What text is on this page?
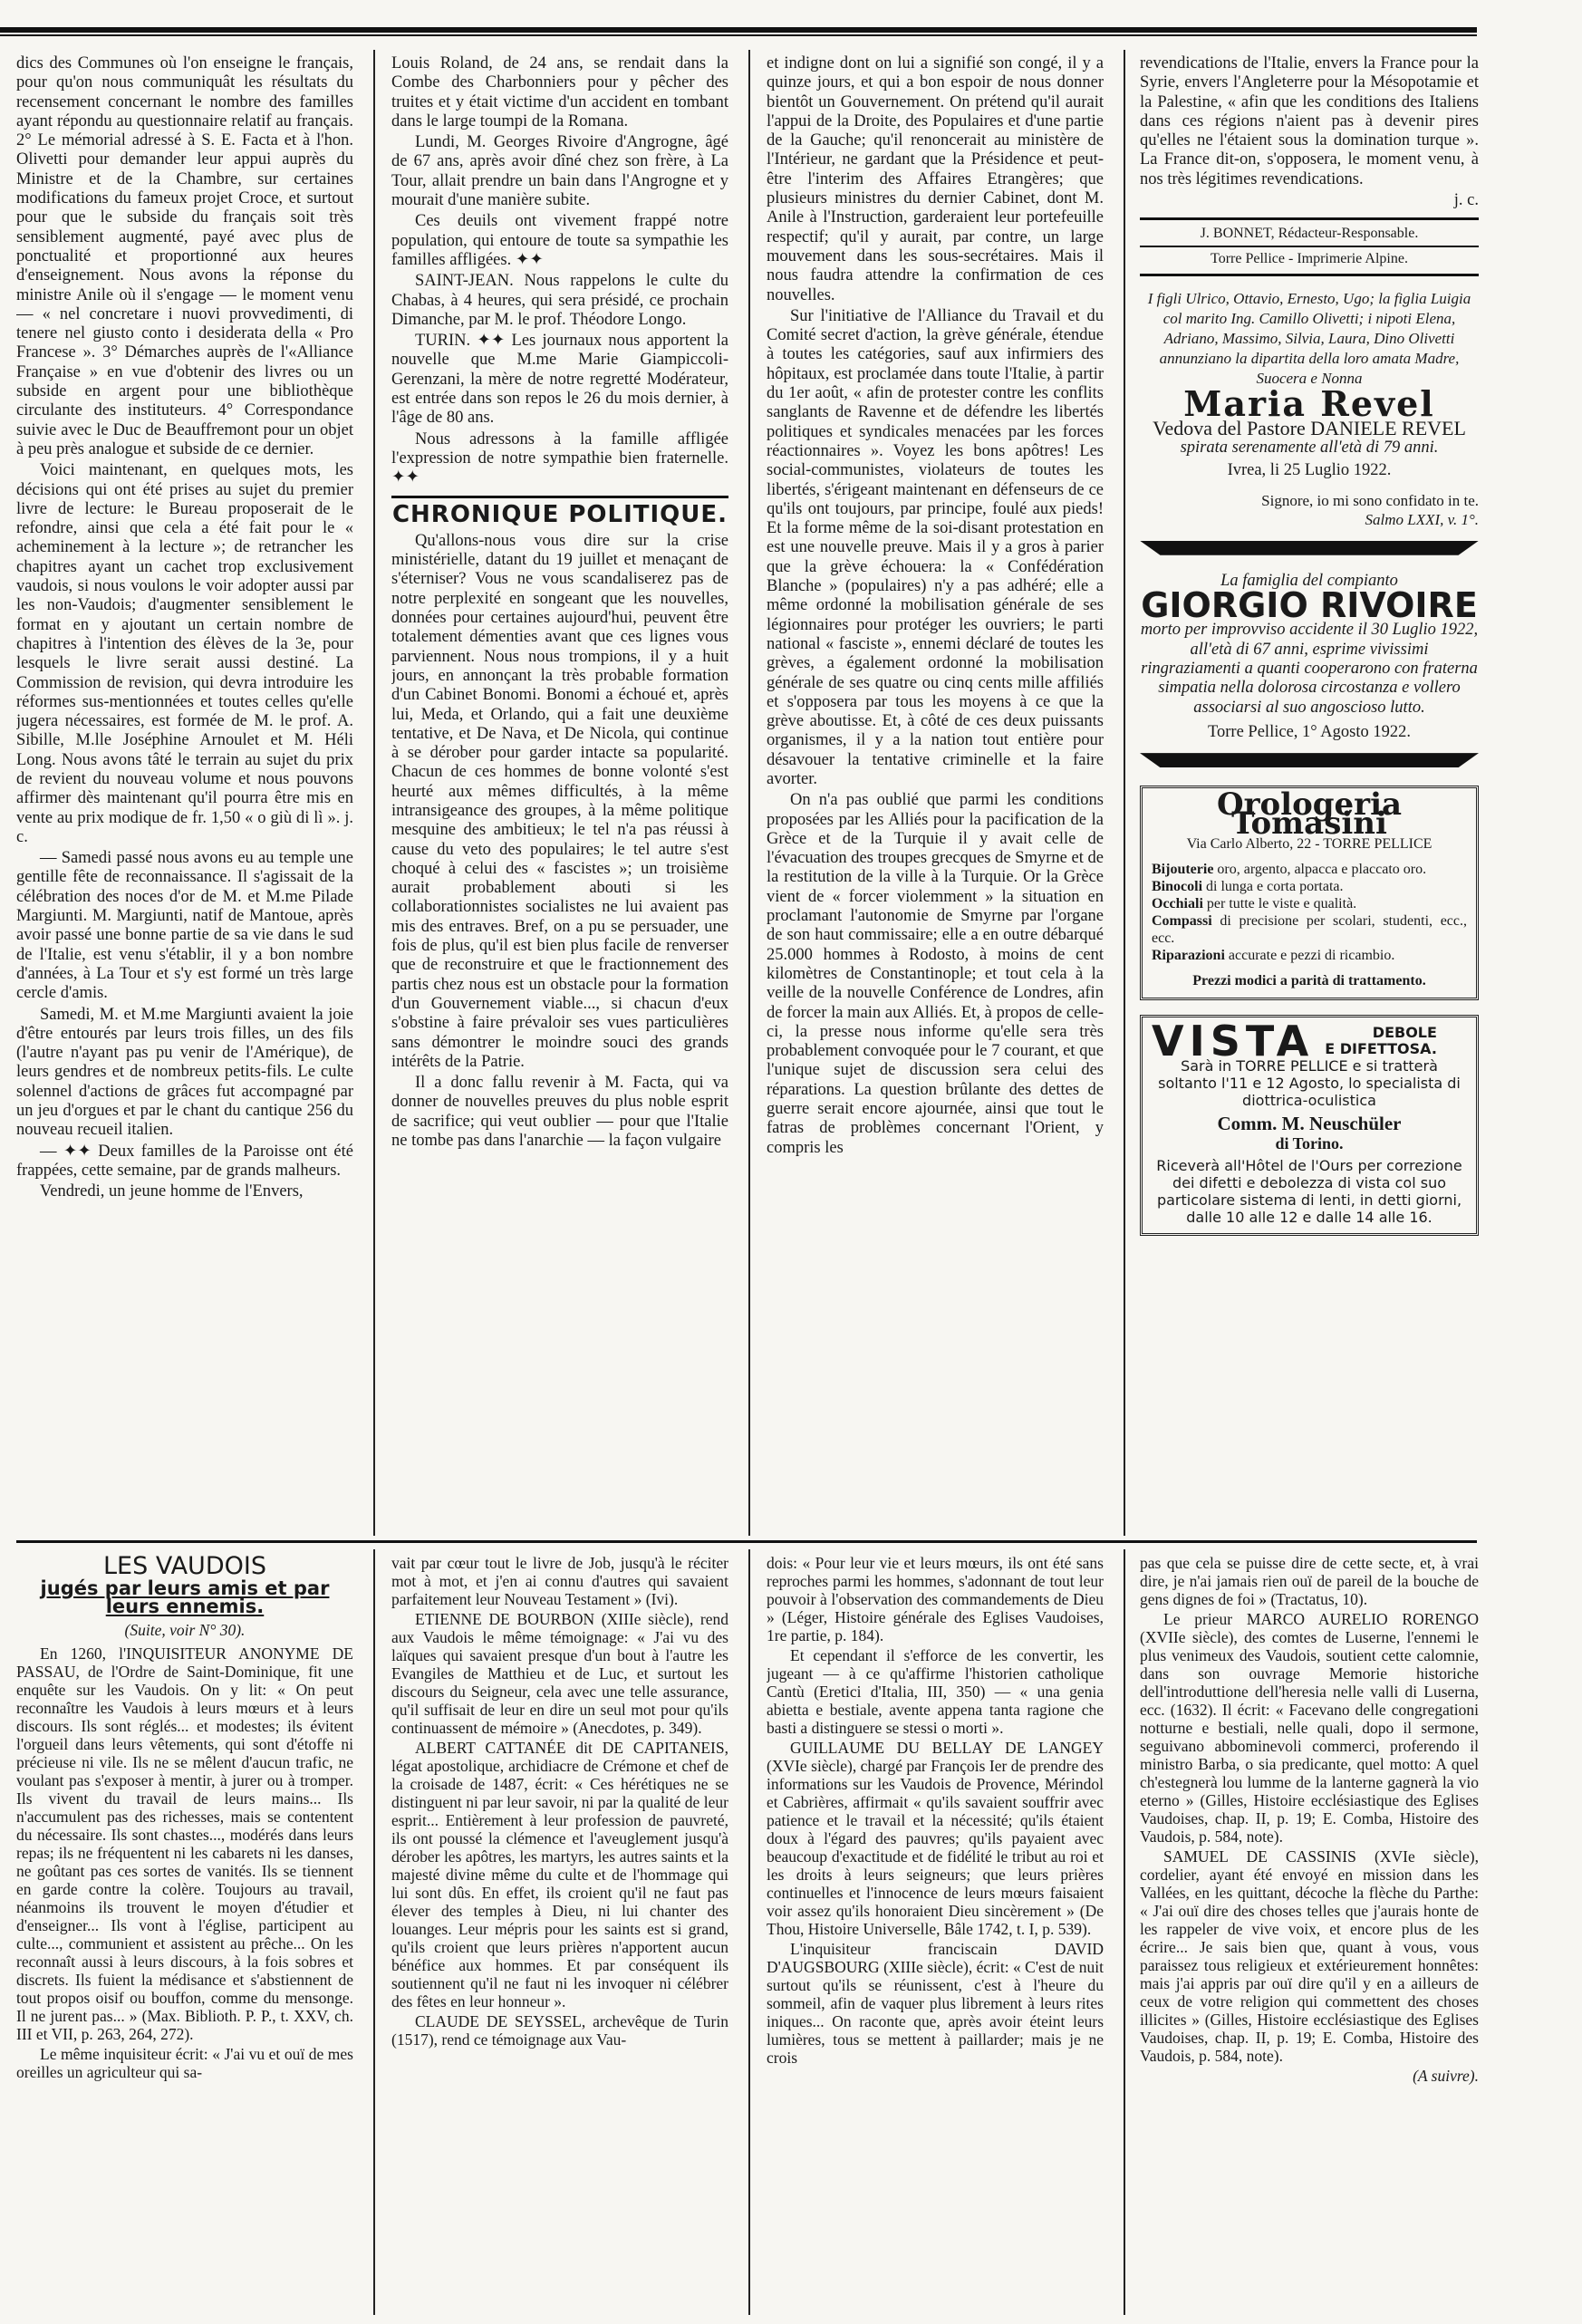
dics des Communes où l'on enseigne le français, pour qu'on nous communiquât les résultats du recensement concernant le nombre des familles ayant répondu au questionnaire relatif au français. 2° Le mémorial adressé à S. E. Facta et à l'hon. Olivetti pour demander leur appui auprès du Ministre et de la Chambre, sur certaines modifications du fameux projet Croce, et surtout pour que le subside du français soit très sensiblement augmenté, payé avec plus de ponctualité et proportionné aux heures d'enseignement. Nous avons la réponse du ministre Anile où il s'engage — le moment venu — « nel concretare i nuovi provvedimenti, di tenere nel giusto conto i desiderata della « Pro Francese ». 3° Démarches auprès de l'«Alliance Française » en vue d'obtenir des livres ou un subside en argent pour une bibliothèque circulante des instituteurs. 4° Correspondance suivie avec le Duc de Beauffremont pour un objet à peu près analogue et subside de ce dernier.

Voici maintenant, en quelques mots, les décisions qui ont été prises au sujet du premier livre de lecture: le Bureau proposerait de le refondre, ainsi que cela a été fait pour le « acheminement à la lecture »; de retrancher les chapitres ayant un cachet trop exclusivement vaudois, si nous voulons le voir adopter aussi par les non-Vaudois; d'augmenter sensiblement le format en y ajoutant un certain nombre de chapitres à l'intention des élèves de la 3e, pour lesquels le livre serait aussi destiné. La Commission de revision, qui devra introduire les réformes sus-mentionnées et toutes celles qu'elle jugera nécessaires, est formée de M. le prof. A. Sibille, M.lle Joséphine Arnoulet et M. Héli Long. Nous avons tâté le terrain au sujet du prix de revient du nouveau volume et nous pouvons affirmer dès maintenant qu'il pourra être mis en vente au prix modique de fr. 1,50 « o giù di lì ». j. c.

— Samedi passé nous avons eu au temple une gentille fête de reconnaissance. Il s'agissait de la célébration des noces d'or de M. et M.me Pilade Margiunti. M. Margiunti, natif de Mantoue, après avoir passé une bonne partie de sa vie dans le sud de l'Italie, est venu s'établir, il y a bon nombre d'années, à La Tour et s'y est formé un très large cercle d'amis.

Samedi, M. et M.me Margiunti avaient la joie d'être entourés par leurs trois filles, un des fils (l'autre n'ayant pas pu venir de l'Amérique), de leurs gendres et de nombreux petits-fils. Le culte solennel d'actions de grâces fut accompagné par un jeu d'orgues et par le chant du cantique 256 du nouveau recueil italien.

— ✦✦ Deux familles de la Paroisse ont été frappées, cette semaine, par de grands malheurs.

Vendredi, un jeune homme de l'Envers,

Louis Roland, de 24 ans, se rendait dans la Combe des Charbonniers pour y pêcher des truites et y était victime d'un accident en tombant dans le large toumpi de la Romana.

Lundi, M. Georges Rivoire d'Angrogne, âgé de 67 ans, après avoir dîné chez son frère, à La Tour, allait prendre un bain dans l'Angrogne et y mourait d'une manière subite.

Ces deuils ont vivement frappé notre population, qui entoure de toute sa sympathie les familles affligées. ✦✦

SAINT-JEAN. Nous rappelons le culte du Chabas, à 4 heures, qui sera présidé, ce prochain Dimanche, par M. le prof. Théodore Longo.

TURIN. ✦✦ Les journaux nous apportent la nouvelle que M.me Marie Giampiccoli-Gerenzani, la mère de notre regretté Modérateur, est entrée dans son repos le 26 du mois dernier, à l'âge de 80 ans.

Nous adressons à la famille affligée l'expression de notre sympathie bien fraternelle. ✦✦

CHRONIQUE POLITIQUE.

Qu'allons-nous vous dire sur la crise ministérielle, datant du 19 juillet et menaçant de s'éterniser? Vous ne vous scandaliserez pas de notre perplexité en songeant que les nouvelles, données pour certaines aujourd'hui, peuvent être totalement démenties avant que ces lignes vous parviennent. Nous nous trompions, il y a huit jours, en annonçant la très probable formation d'un Cabinet Bonomi. Bonomi a échoué et, après lui, Meda, et Orlando, qui a fait une deuxième tentative, et De Nava, et De Nicola, qui continue à se dérober pour garder intacte sa popularité. Chacun de ces hommes de bonne volonté s'est heurté aux mêmes difficultés, à la même intransigeance des groupes, à la même politique mesquine des ambitieux; le tel n'a pas réussi à cause du veto des populaires; le tel autre s'est choqué à celui des « fascistes »; un troisième aurait probablement abouti si les collaborationnistes socialistes ne lui avaient pas mis des entraves. Bref, on a pu se persuader, une fois de plus, qu'il est bien plus facile de renverser que de reconstruire et que le fractionnement des partis chez nous est un obstacle pour la formation d'un Gouvernement viable..., si chacun d'eux s'obstine à faire prévaloir ses vues particulières sans démontrer le moindre souci des grands intérêts de la Patrie.

Il a donc fallu revenir à M. Facta, qui va donner de nouvelles preuves du plus noble esprit de sacrifice; qui veut oublier — pour que l'Italie ne tombe pas dans l'anarchie — la façon vulgaire

et indigne dont on lui a signifié son congé, il y a quinze jours, et qui a bon espoir de nous donner bientôt un Gouvernement. On prétend qu'il aurait l'appui de la Droite, des Populaires et d'une partie de la Gauche; qu'il renoncerait au ministère de l'Intérieur, ne gardant que la Présidence et peut-être l'interim des Affaires Etrangères; que plusieurs ministres du dernier Cabinet, dont M. Anile à l'Instruction, garderaient leur portefeuille respectif; qu'il y aurait, par contre, un large mouvement dans les sous-secrétaires. Mais il nous faudra attendre la confirmation de ces nouvelles.

Sur l'initiative de l'Alliance du Travail et du Comité secret d'action, la grève générale, étendue à toutes les catégories, sauf aux infirmiers des hôpitaux, est proclamée dans toute l'Italie, à partir du 1er août, « afin de protester contre les conflits sanglants de Ravenne et de défendre les libertés politiques et syndicales menacées par les forces réactionnaires ». Voyez les bons apôtres! Les social-communistes, violateurs de toutes les libertés, s'érigeant maintenant en défenseurs de ce qu'ils ont toujours, par principe, foulé aux pieds! Et la forme même de la soi-disant protestation en est une nouvelle preuve. Mais il y a gros à parier que la grève échouera: la « Confédération Blanche » (populaires) n'y a pas adhéré; elle a même ordonné la mobilisation générale de ses légionnaires pour protéger les ouvriers; le parti national « fasciste », ennemi déclaré de toutes les grèves, a également ordonné la mobilisation générale de ses quatre ou cinq cents mille affiliés et s'opposera par tous les moyens à ce que la grève aboutisse. Et, à côté de ces deux puissants organismes, il y a la nation tout entière pour désavouer la tentative criminelle et la faire avorter.

On n'a pas oublié que parmi les conditions proposées par les Alliés pour la pacification de la Grèce et de la Turquie il y avait celle de l'évacuation des troupes grecques de Smyrne et de la restitution de la ville à la Turquie. Or la Grèce vient de « forcer violemment » la situation en proclamant l'autonomie de Smyrne par l'organe de son haut commissaire; elle a en outre débarqué 25.000 hommes à Rodosto, à moins de cent kilomètres de Constantinople; et tout cela à la veille de la nouvelle Conférence de Londres, afin de forcer la main aux Alliés. Et, à propos de celle-ci, la presse nous informe qu'elle sera très probablement convoquée pour le 7 courant, et que l'unique sujet de discussion sera celui des réparations. La question brûlante des dettes de guerre serait encore ajournée, ainsi que tout le fatras de problèmes concernant l'Orient, y compris les

revendications de l'Italie, envers la France pour la Syrie, envers l'Angleterre pour la Mésopotamie et la Palestine, « afin que les conditions des Italiens dans ces régions n'aient pas à devenir pires qu'elles ne l'étaient sous la domination turque ». La France dit-on, s'opposera, le moment venu, à nos très légitimes revendications.

j. c.
J. BONNET, Rédacteur-Responsable.
Torre Pellice - Imprimerie Alpine.
I figli Ulrico, Ottavio, Ernesto, Ugo; la figlia Luigia col marito Ing. Camillo Olivetti; i nipoti Elena, Adriano, Massimo, Silvia, Laura, Dino Olivetti annunziano la dipartita della loro amata Madre, Suocera e Nonna
Maria Revel
Vedova del Pastore DANIELE REVEL
spirata serenamente all'età di 79 anni.
Ivrea, li 25 Luglio 1922.
Signore, io mi sono confidato in te.
Salmo LXXI, v. 1°.
La famiglia del compianto
GIORGIO RIVOIRE
morto per improvviso accidente il 30 Luglio 1922, all'età di 67 anni, esprime vivissimi ringraziamenti a quanti cooperarono con fraterna simpatia nella dolorosa circostanza e vollero associarsi al suo angoscioso lutto.
Torre Pellice, 1° Agosto 1922.
Orologeria Tomasini
Via Carlo Alberto, 22 - TORRE PELLICE
Bijouterie oro, argento, alpacca e placcato oro.
Binocoli di lunga e corta portata.
Occhiali per tutte le viste e qualità.
Compassi di precisione per scolari, studenti, ecc., ecc.
Riparazioni accurate e pezzi di ricambio.
Prezzi modici a parità di trattamento.
VISTA	DEBOLE
E DIFETTOSA.
Sarà in TORRE PELLICE e si tratterà soltanto l'11 e 12 Agosto, lo specialista di diottrica-oculistica
Comm. M. Neuschüler
di Torino.
Riceverà all'Hôtel de l'Ours per correzione dei difetti e debolezza di vista col suo particolare sistema di lenti, in detti giorni, dalle 10 alle 12 e dalle 14 alle 16.
LES VAUDOIS
jugés par leurs amis et par leurs ennemis.
(Suite, voir N° 30).

En 1260, l'INQUISITEUR ANONYME DE PASSAU, de l'Ordre de Saint-Dominique, fit une enquête sur les Vaudois. On y lit: « On peut reconnaître les Vaudois à leurs mœurs et à leurs discours. Ils sont réglés... et modestes; ils évitent l'orgueil dans leurs vêtements, qui sont d'étoffe ni précieuse ni vile. Ils ne se mêlent d'aucun trafic, ne voulant pas s'exposer à mentir, à jurer ou à tromper. Ils vivent du travail de leurs mains... Ils n'accumulent pas des richesses, mais se contentent du nécessaire. Ils sont chastes..., modérés dans leurs repas; ils ne fréquentent ni les cabarets ni les danses, ne goûtant pas ces sortes de vanités. Ils se tiennent en garde contre la colère. Toujours au travail, néanmoins ils trouvent le moyen d'étudier et d'enseigner... Ils vont à l'église, participent au culte..., communient et assistent au prêche... On les reconnaît aussi à leurs discours, à la fois sobres et discrets. Ils fuient la médisance et s'abstiennent de tout propos oisif ou bouffon, comme du mensonge. Il ne jurent pas... » (Max. Biblioth. P. P., t. XXV, ch. III et VII, p. 263, 264, 272).

Le même inquisiteur écrit: « J'ai vu et ouï de mes oreilles un agriculteur qui sa-

vait par cœur tout le livre de Job, jusqu'à le réciter mot à mot, et j'en ai connu d'autres qui savaient parfaitement leur Nouveau Testament » (Ivi).

ETIENNE DE BOURBON (XIIIe siècle), rend aux Vaudois le même témoignage: « J'ai vu des laïques qui savaient presque d'un bout à l'autre les Evangiles de Matthieu et de Luc, et surtout les discours du Seigneur, cela avec une telle assurance, qu'il suffisait de leur en dire un seul mot pour qu'ils continuassent de mémoire » (Anecdotes, p. 349).

ALBERT CATTANÉE dit DE CAPITANEIS, légat apostolique, archidiacre de Crémone et chef de la croisade de 1487, écrit: « Ces hérétiques ne se distinguent ni par leur savoir, ni par la qualité de leur esprit... Entièrement à leur profession de pauvreté, ils ont poussé la clémence et l'aveuglement jusqu'à dérober les apôtres, les martyrs, les autres saints et la majesté divine même du culte et de l'hommage qui lui sont dûs. En effet, ils croient qu'il ne faut pas élever des temples à Dieu, ni lui chanter des louanges. Leur mépris pour les saints est si grand, qu'ils croient que leurs prières n'apportent aucun bénéfice aux hommes. Et par conséquent ils soutiennent qu'il ne faut ni les invoquer ni célébrer des fêtes en leur honneur ».

CLAUDE DE SEYSSEL, archevêque de Turin (1517), rend ce témoignage aux Vau-

dois: « Pour leur vie et leurs mœurs, ils ont été sans reproches parmi les hommes, s'adonnant de tout leur pouvoir à l'observation des commandements de Dieu » (Léger, Histoire générale des Eglises Vaudoises, 1re partie, p. 184).

Et cependant il s'efforce de les convertir, les jugeant — à ce qu'affirme l'historien catholique Cantù (Eretici d'Italia, III, 350) — « una genia abietta e bestiale, avente appena tanta ragione che basti a distinguere se stessi o morti ».

GUILLAUME DU BELLAY DE LANGEY (XVIe siècle), chargé par François Ier de prendre des informations sur les Vaudois de Provence, Mérindol et Cabrières, affirmait « qu'ils savaient souffrir avec patience et le travail et la nécessité; qu'ils étaient doux à l'égard des pauvres; qu'ils payaient avec beaucoup d'exactitude et de fidélité le tribut au roi et les droits à leurs seigneurs; que leurs prières continuelles et l'innocence de leurs mœurs faisaient voir assez qu'ils honoraient Dieu sincèrement » (De Thou, Histoire Universelle, Bâle 1742, t. I, p. 539).

L'inquisiteur franciscain DAVID D'AUGSBOURG (XIIIe siècle), écrit: « C'est de nuit surtout qu'ils se réunissent, c'est à l'heure du sommeil, afin de vaquer plus librement à leurs rites iniques... On raconte que, après avoir éteint leurs lumières, tous se mettent à paillarder; mais je ne crois

pas que cela se puisse dire de cette secte, et, à vrai dire, je n'ai jamais rien ouï de pareil de la bouche de gens dignes de foi » (Tractatus, 10).

Le prieur MARCO AURELIO RORENGO (XVIIe siècle), des comtes de Luserne, l'ennemi le plus venimeux des Vaudois, soutient cette calomnie, dans son ouvrage Memorie historiche dell'introduttione dell'heresia nelle valli di Luserna, ecc. (1632). Il écrit: « Facevano delle congregationi notturne e bestiali, nelle quali, dopo il sermone, seguivano abbominevoli commerci, proferendo il ministro Barba, o sia predicante, quel motto: A quel ch'estegnerà lou lumme de la lanterne gagnerà la vio eterno » (Gilles, Histoire ecclésiastique des Eglises Vaudoises, chap. II, p. 19; E. Comba, Histoire des Vaudois, p. 584, note).

SAMUEL DE CASSINIS (XVIe siècle), cordelier, ayant été envoyé en mission dans les Vallées, en les quittant, décoche la flèche du Parthe: « J'ai ouï dire des choses telles que j'aurais honte de les rappeler de vive voix, et encore plus de les écrire... Je sais bien que, quant à vous, vous paraissez tous religieux et extérieurement honnêtes: mais j'ai appris par ouï dire qu'il y en a ailleurs de ceux de votre religion qui commettent des choses illicites » (Gilles, Histoire ecclésiastique des Eglises Vaudoises, chap. II, p. 19; E. Comba, Histoire des Vaudois, p. 584, note).

(A suivre).
